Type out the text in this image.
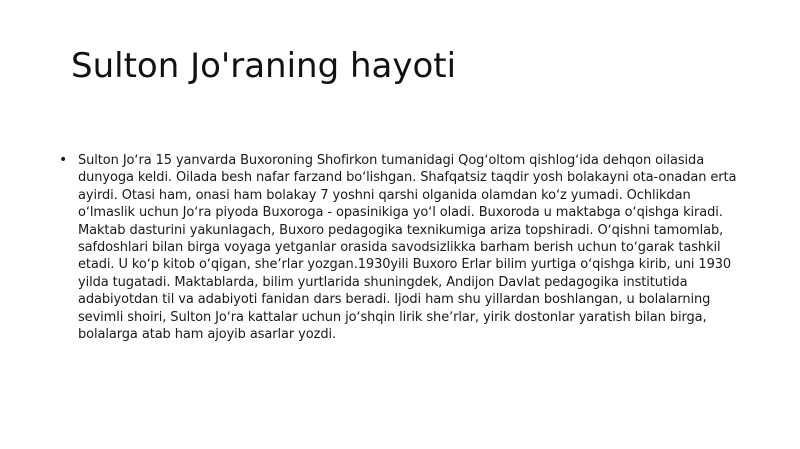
Sulton Jo'raning hayoti
• Sulton Joʻra 15 yanvarda Buxoroning Shofirkon tumanidagi Qogʻoltom qishlogʻida dehqon oilasida dunyoga keldi. Oilada besh nafar farzand boʻlishgan. Shafqatsiz taqdir yosh bolakayni ota-onadan erta ayirdi. Otasi ham, onasi ham bolakay 7 yoshni qarshi olganida olamdan koʻz yumadi. Ochlikdan oʻlmaslik uchun Joʻra piyoda Buxoroga - opasinikiga yoʻl oladi. Buxoroda u maktabga oʻqishga kiradi. Maktab dasturini yakunlagach, Buxoro pedagogika texnikumiga ariza topshiradi. Oʻqishni tamomlab, safdoshlari bilan birga voyaga yetganlar orasida savodsizlikka barham berish uchun toʻgarak tashkil etadi. U koʻp kitob oʻqigan, sheʼrlar yozgan.1930yili Buxoro Erlar bilim yurtiga oʻqishga kirib, uni 1930 yilda tugatadi. Maktablarda, bilim yurtlarida shuningdek, Andijon Davlat pedagogika institutida adabiyotdan til va adabiyoti fanidan dars beradi. Ijodi ham shu yillardan boshlangan, u bolalarning sevimli shoiri, Sulton Joʻra kattalar uchun joʻshqin lirik sheʼrlar, yirik dostonlar yaratish bilan birga, bolalarga atab ham ajoyib asarlar yozdi.
